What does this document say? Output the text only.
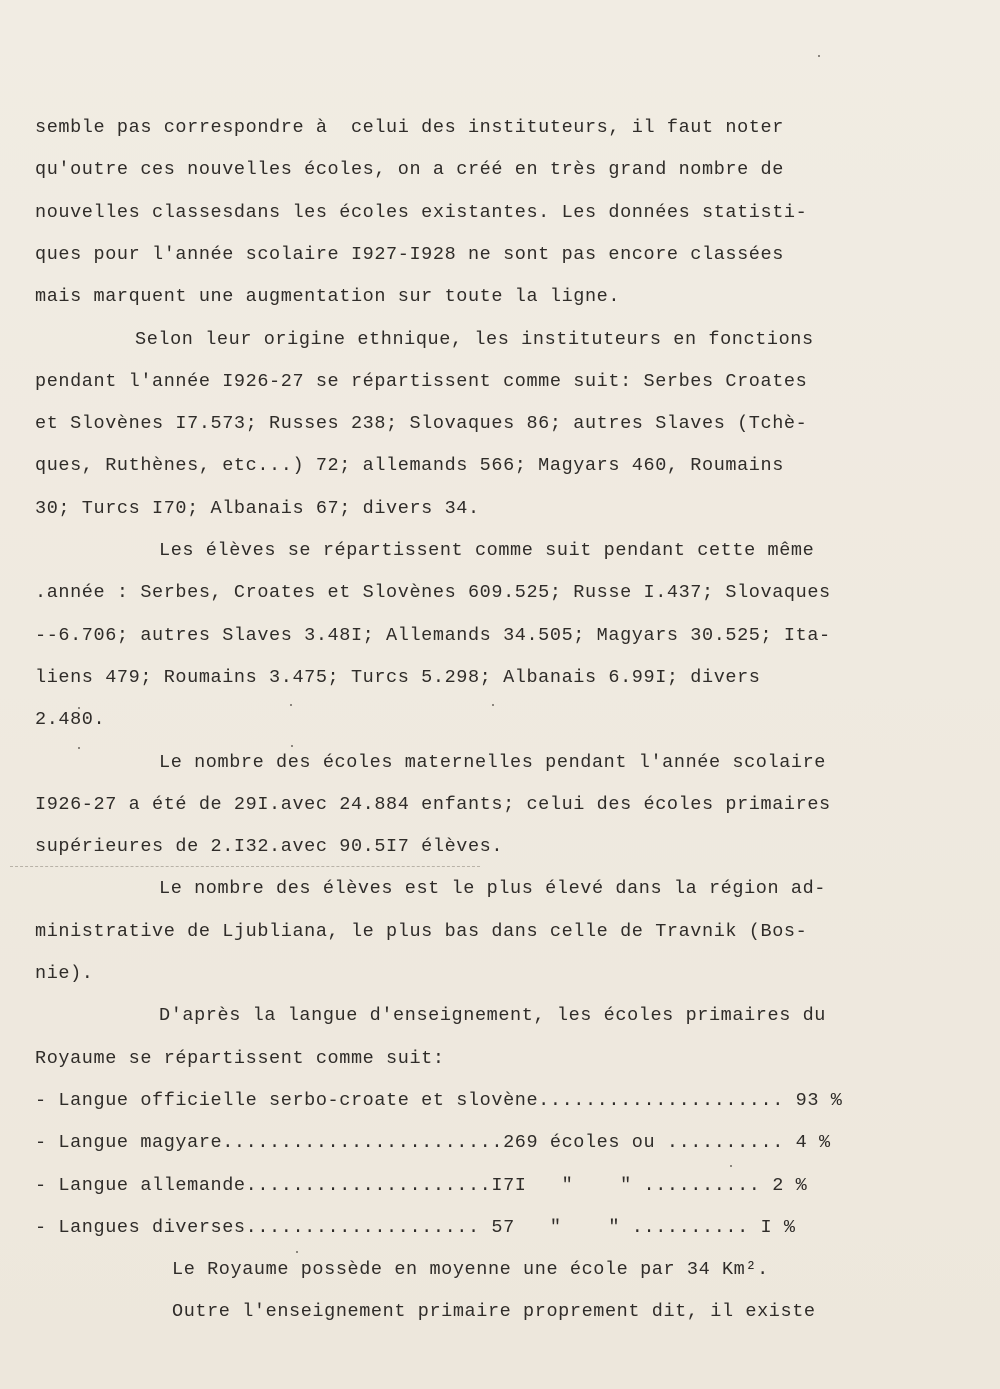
semble pas correspondre à  celui des instituteurs, il faut noter

qu'outre ces nouvelles écoles, on a créé en très grand nombre de

nouvelles classesdans les écoles existantes. Les données statisti-

ques pour l'année scolaire I927-I928 ne sont pas encore classées

mais marquent une augmentation sur toute la ligne.

Selon leur origine ethnique, les instituteurs en fonctions

pendant l'année I926-27 se répartissent comme suit: Serbes Croates

et Slovènes I7.573; Russes 238; Slovaques 86; autres Slaves (Tchè-

ques, Ruthènes, etc...) 72; allemands 566; Magyars 460, Roumains

30; Turcs I70; Albanais 67; divers 34.

Les élèves se répartissent comme suit pendant cette même

.année : Serbes, Croates et Slovènes 609.525; Russe I.437; Slovaques

--6.706; autres Slaves 3.48I; Allemands 34.505; Magyars 30.525; Ita-

liens 479; Roumains 3.475; Turcs 5.298; Albanais 6.99I; divers

2.480.

Le nombre des écoles maternelles pendant l'année scolaire

I926-27 a été de 29I.avec 24.884 enfants; celui des écoles primaires

supérieures de 2.I32.avec 90.5I7 élèves.

Le nombre des élèves est le plus élevé dans la région ad-

ministrative de Ljubliana, le plus bas dans celle de Travnik (Bos-

nie).

D'après la langue d'enseignement, les écoles primaires du

Royaume se répartissent comme suit:

- Langue officielle serbo-croate et slovène..................... 93 %

- Langue magyare........................269 écoles ou .......... 4 %

- Langue allemande.....................I7I   "    " .......... 2 %

- Langues diverses.................... 57   "    " .......... I %

Le Royaume possède en moyenne une école par 34 Km².

Outre l'enseignement primaire proprement dit, il existe
